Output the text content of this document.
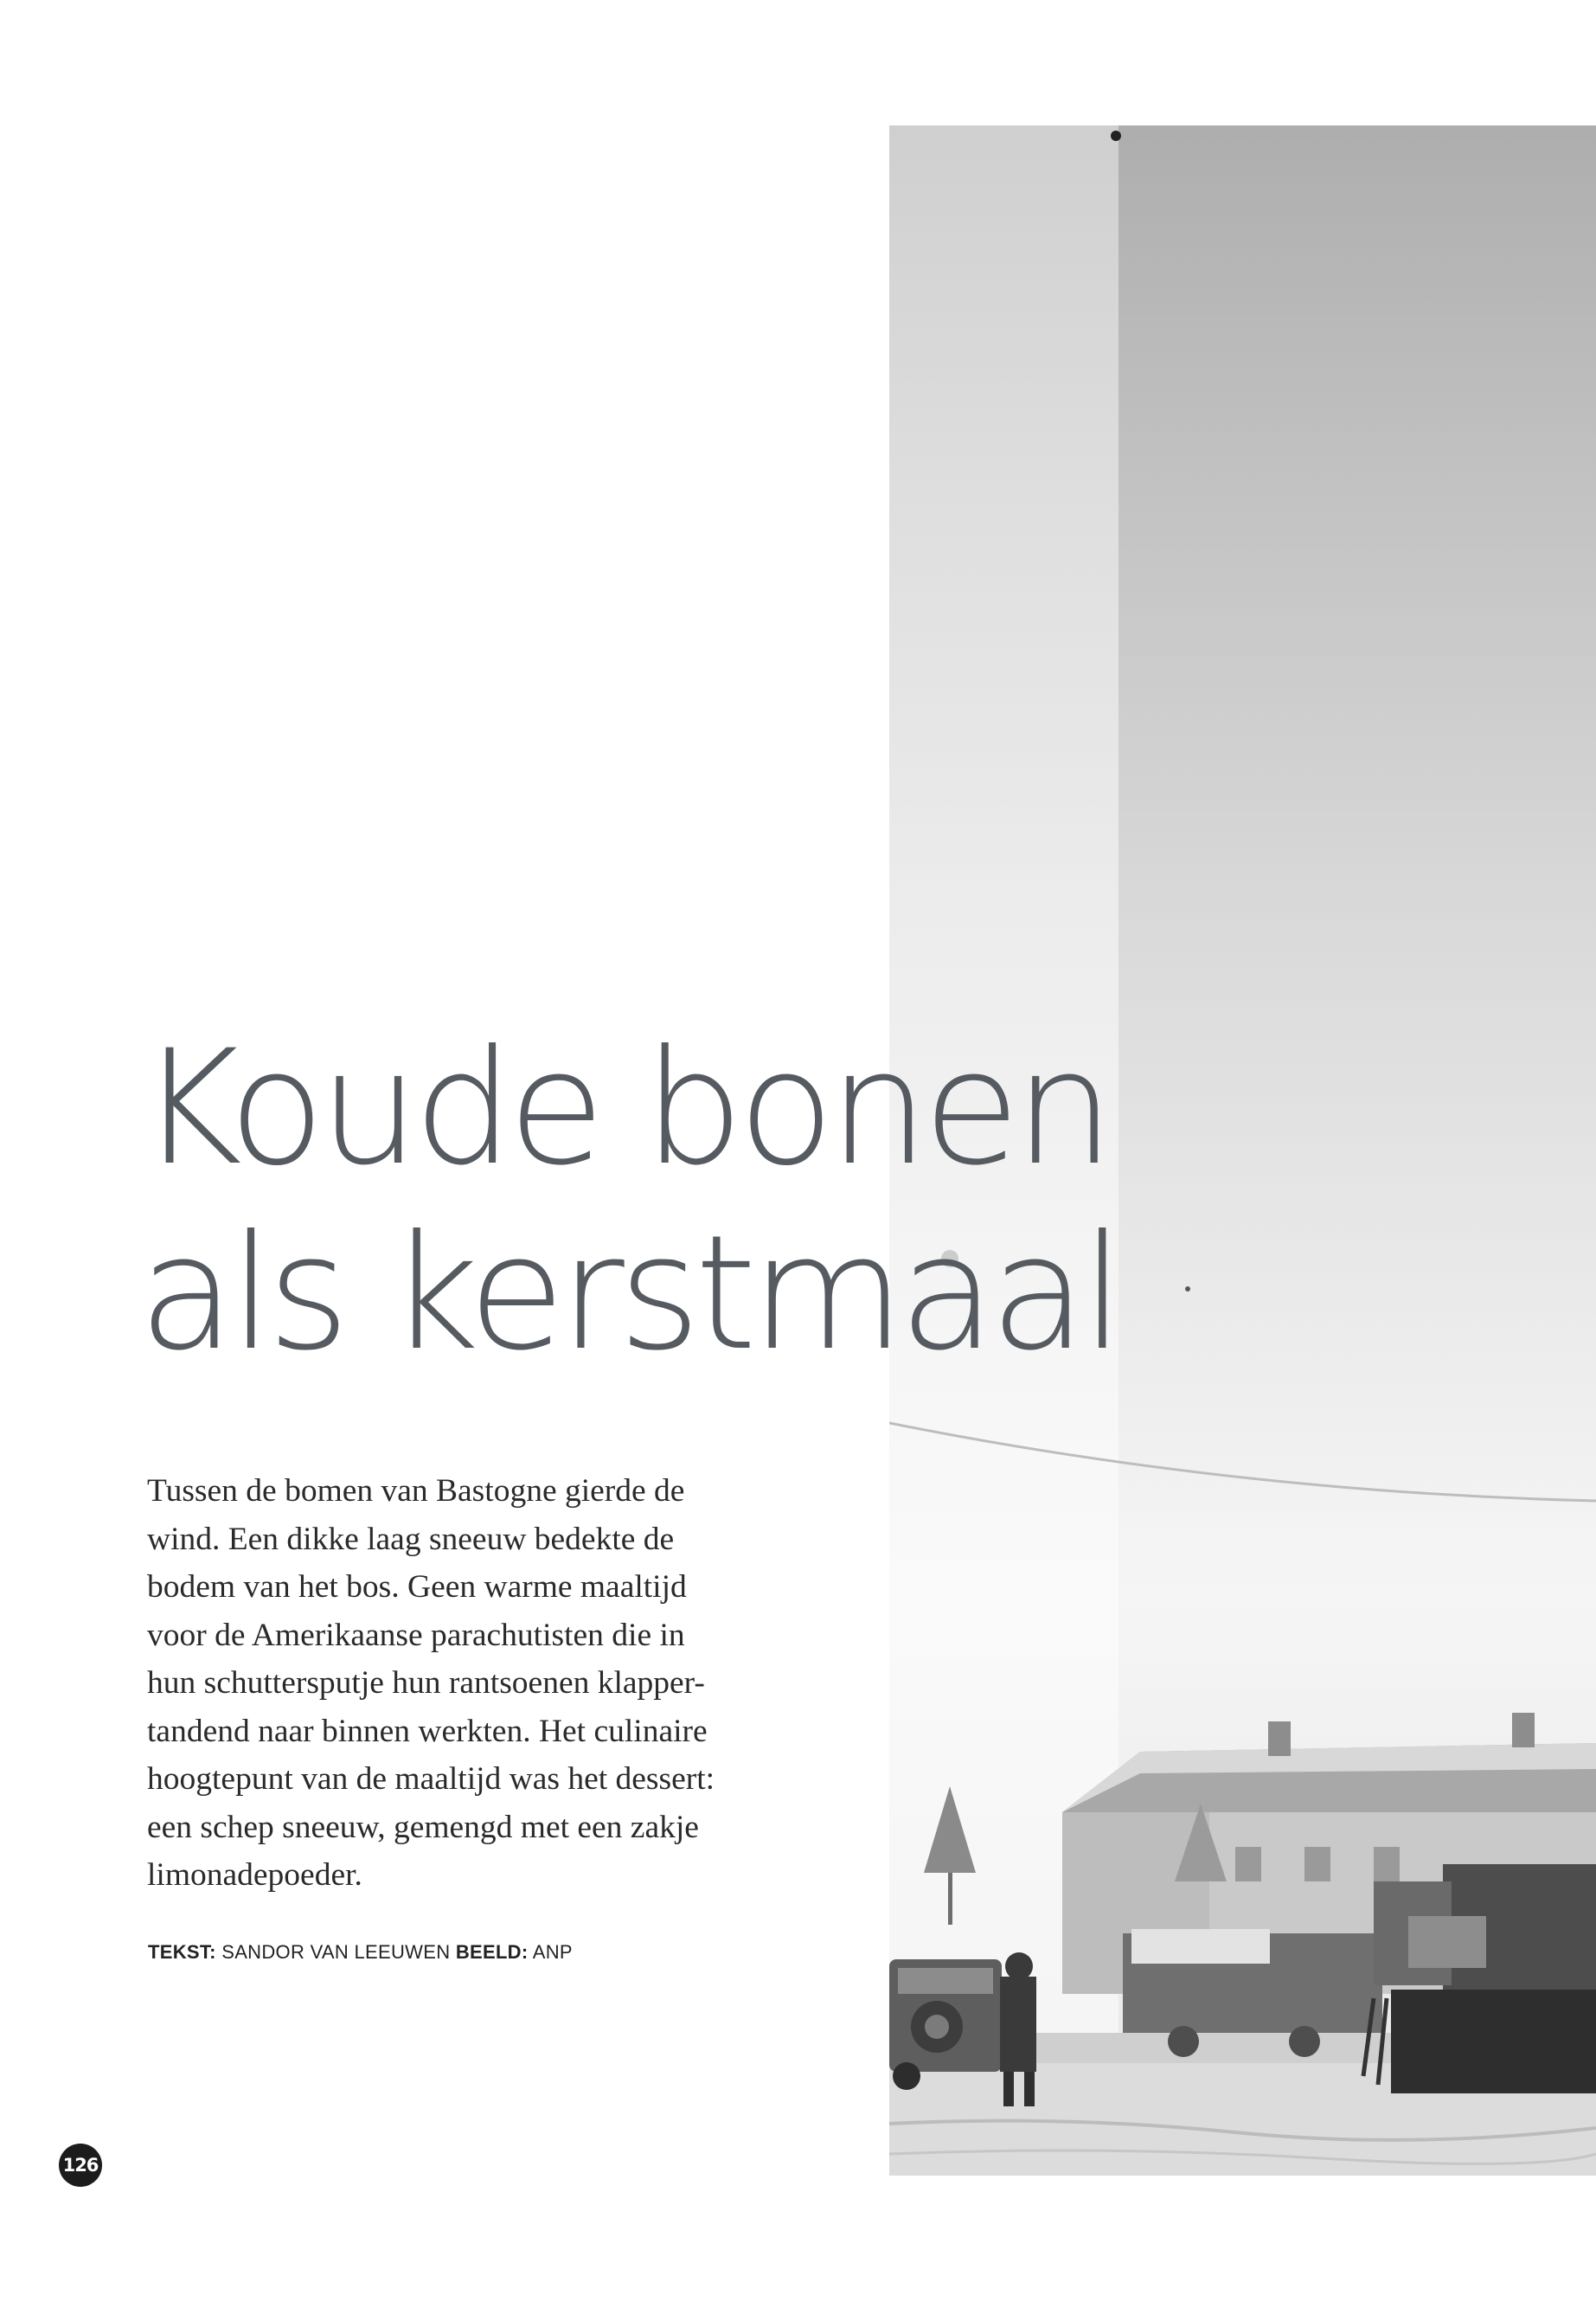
Koude bonen
als kerstmaal

Tussen de bomen van Bastogne gierde de
wind. Een dikke laag sneeuw bedekte de
bodem van het bos. Geen warme maaltijd
voor de Amerikaanse parachutisten die in
hun schuttersputje hun rantsoenen klapper-
tandend naar binnen werkten. Het culinaire
hoogtepunt van de maaltijd was het dessert:
een schep sneeuw, gemengd met een zakje
limonadepoeder.

TEKST: SANDOR VAN LEEUWEN BEELD: ANP
126
